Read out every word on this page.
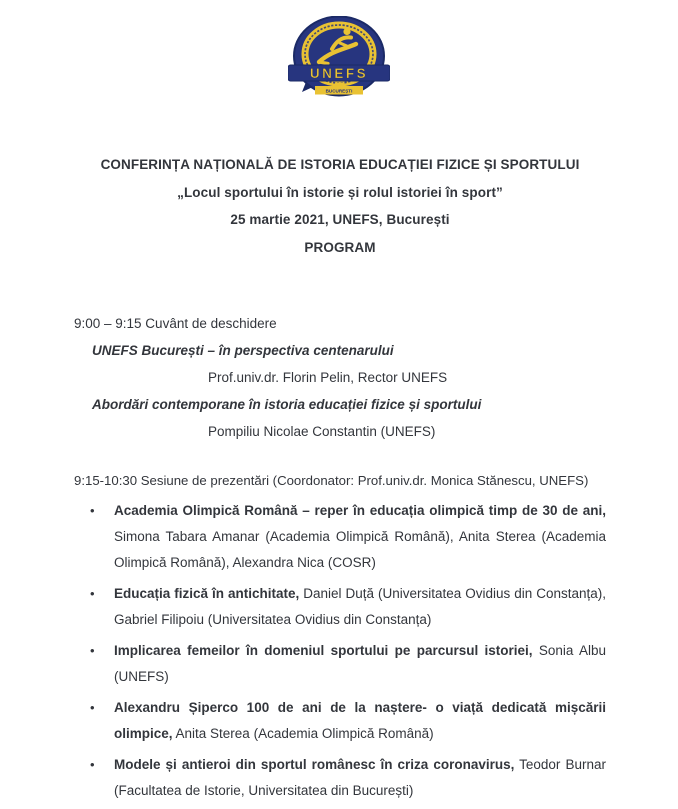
UNEFS
BUCUREȘTI
CONFERINȚA NAȚIONALĂ DE ISTORIA EDUCAȚIEI FIZICE ȘI SPORTULUI
„Locul sportului în istorie și rolul istoriei în sport”
25 martie 2021, UNEFS, București
PROGRAM
9:00 – 9:15 Cuvânt de deschidere
UNEFS București – în perspectiva centenarului
Prof.univ.dr. Florin Pelin, Rector UNEFS
Abordări contemporane în istoria educației fizice și sportului
Pompiliu Nicolae Constantin (UNEFS)
9:15-10:30 Sesiune de prezentări (Coordonator: Prof.univ.dr. Monica Stănescu, UNEFS)
• Academia Olimpică Română – reper în educația olimpică timp de 30 de ani, Simona Tabara Amanar (Academia Olimpică Română), Anita Sterea (Academia Olimpică Română), Alexandra Nica (COSR)
• Educația fizică în antichitate, Daniel Duță (Universitatea Ovidius din Constanța), Gabriel Filipoiu (Universitatea Ovidius din Constanța)
• Implicarea femeilor în domeniul sportului pe parcursul istoriei, Sonia Albu (UNEFS)
• Alexandru Șiperco 100 de ani de la naștere- o viață dedicată mișcării olimpice, Anita Sterea (Academia Olimpică Română)
• Modele și antieroi din sportul românesc în criza coronavirus, Teodor Burnar (Facultatea de Istorie, Universitatea din București)
